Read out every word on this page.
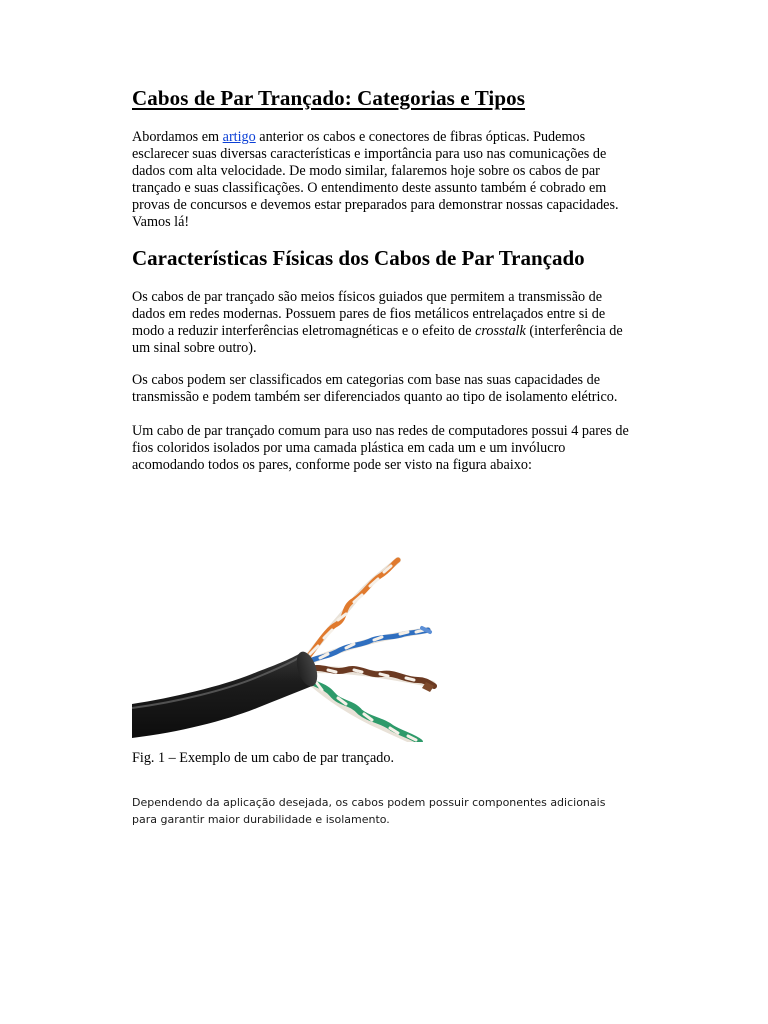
Cabos de Par Trançado: Categorias e Tipos

Abordamos em artigo anterior os cabos e conectores de fibras ópticas. Pudemos esclarecer suas diversas características e importância para uso nas comunicações de dados com alta velocidade. De modo similar, falaremos hoje sobre os cabos de par trançado e suas classificações. O entendimento deste assunto também é cobrado em provas de concursos e devemos estar preparados para demonstrar nossas capacidades. Vamos lá!

Características Físicas dos Cabos de Par Trançado

Os cabos de par trançado são meios físicos guiados que permitem a transmissão de dados em redes modernas. Possuem pares de fios metálicos entrelaçados entre si de modo a reduzir interferências eletromagnéticas e o efeito de crosstalk (interferência de um sinal sobre outro).

Os cabos podem ser classificados em categorias com base nas suas capacidades de transmissão e podem também ser diferenciados quanto ao tipo de isolamento elétrico.

Um cabo de par trançado comum para uso nas redes de computadores possui 4 pares de fios coloridos isolados por uma camada plástica em cada um e um invólucro acomodando todos os pares, conforme pode ser visto na figura abaixo:

Fig. 1 – Exemplo de um cabo de par trançado.

Dependendo da aplicação desejada, os cabos podem possuir componentes adicionais para garantir maior durabilidade e isolamento.
